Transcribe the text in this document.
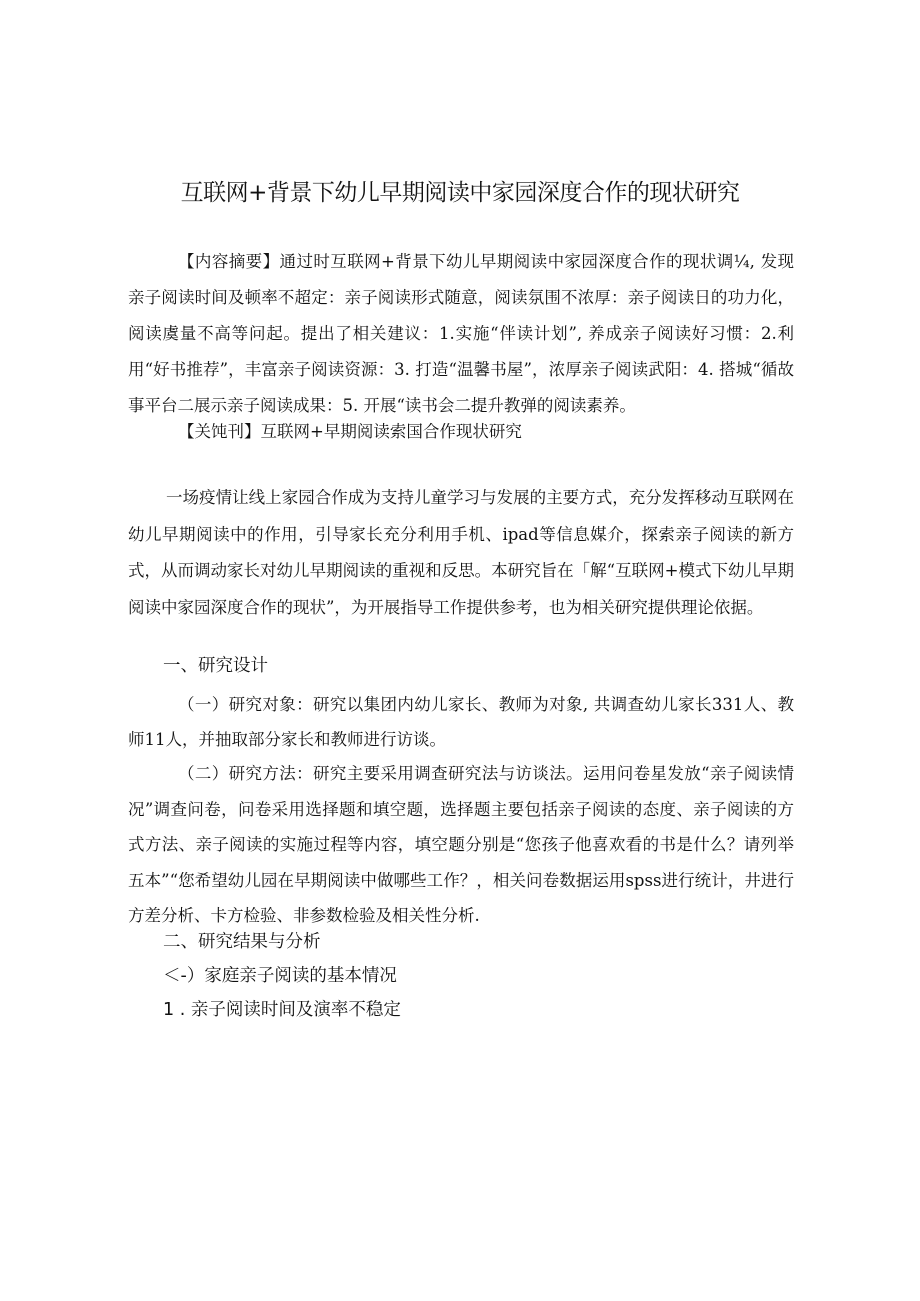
互联网+背景下幼儿早期阅读中家园深度合作的现状研究

【内容摘要】通过时互联网+背景下幼儿早期阅读中家园深度合作的现状调¼, 发现亲子阅读时间及顿率不超定：亲子阅读形式随意，阅读氛围不浓厚：亲子阅读日的功力化，阅读虞量不高等问起。提出了相关建议：1.实施“伴读计划”, 养成亲子阅读好习惯：2.利用“好书推荐”，丰富亲子阅读资源：3. 打造“温馨书屋”，浓厚亲子阅读武阳：4. 搭城“循故事平台二展示亲子阅读成果：5. 开展“读书会二提升教弹的阅读素养。

【关饨刊】互联网+早期阅读索国合作现状研究

一场疫情让线上家园合作成为支持儿童学习与发展的主要方式，充分发挥移动互联网在幼儿早期阅读中的作用，引导家长充分利用手机、ipad等信息媒介，探索亲子阅读的新方式，从而调动家长对幼儿早期阅读的重视和反思。本研究旨在「解“互联网+模式下幼儿早期阅读中家园深度合作的现状”，为开展指导工作提供参考，也为相关研究提供理论依据。

一、研究设计

（一）研究对象：研究以集团内幼儿家长、教师为对象, 共调查幼儿家长331人、教师11人，并抽取部分家长和教师进行访谈。

（二）研究方法：研究主要采用调查研究法与访谈法。运用问卷星发放“亲子阅读情况”调查问卷，问卷采用选择题和填空题，选择题主要包括亲子阅读的态度、亲子阅读的方式方法、亲子阅读的实施过程等内容，填空题分别是“您孩子他喜欢看的书是什么？请列举五本”“您希望幼儿园在早期阅读中做哪些工作？，相关问卷数据运用spss进行统计，井进行方差分析、卡方检验、非参数检验及相关性分析.

二、研究结果与分析
＜-）家庭亲子阅读的基本情况
1 . 亲子阅读时间及演率不稳定
